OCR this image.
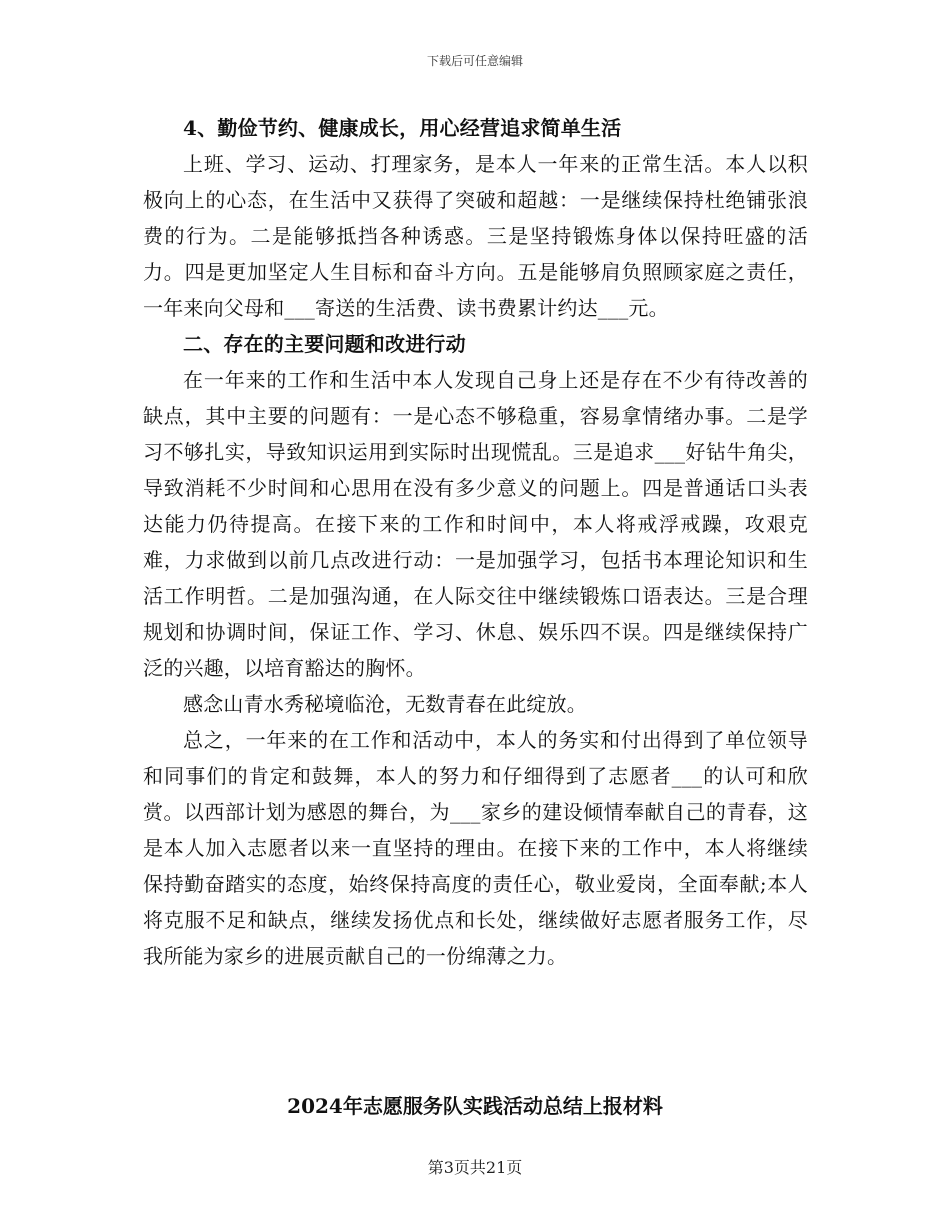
下载后可任意编辑

4、勤俭节约、健康成长，用心经营追求简单生活

上班、学习、运动、打理家务，是本人一年来的正常生活。本人以积极向上的心态，在生活中又获得了突破和超越：一是继续保持杜绝铺张浪费的行为。二是能够抵挡各种诱惑。三是坚持锻炼身体以保持旺盛的活力。四是更加坚定人生目标和奋斗方向。五是能够肩负照顾家庭之责任，一年来向父母和___寄送的生活费、读书费累计约达___元。

二、存在的主要问题和改进行动

在一年来的工作和生活中本人发现自己身上还是存在不少有待改善的缺点，其中主要的问题有：一是心态不够稳重，容易拿情绪办事。二是学习不够扎实，导致知识运用到实际时出现慌乱。三是追求___好钻牛角尖，导致消耗不少时间和心思用在没有多少意义的问题上。四是普通话口头表达能力仍待提高。在接下来的工作和时间中，本人将戒浮戒躁，攻艰克难，力求做到以前几点改进行动：一是加强学习，包括书本理论知识和生活工作明哲。二是加强沟通，在人际交往中继续锻炼口语表达。三是合理规划和协调时间，保证工作、学习、休息、娱乐四不误。四是继续保持广泛的兴趣，以培育豁达的胸怀。

感念山青水秀秘境临沧，无数青春在此绽放。

总之，一年来的在工作和活动中，本人的务实和付出得到了单位领导和同事们的肯定和鼓舞，本人的努力和仔细得到了志愿者___的认可和欣赏。以西部计划为感恩的舞台，为___家乡的建设倾情奉献自己的青春，这是本人加入志愿者以来一直坚持的理由。在接下来的工作中，本人将继续保持勤奋踏实的态度，始终保持高度的责任心，敬业爱岗，全面奉献;本人将克服不足和缺点，继续发扬优点和长处，继续做好志愿者服务工作，尽我所能为家乡的进展贡献自己的一份绵薄之力。

2024年志愿服务队实践活动总结上报材料
第3页共21页
